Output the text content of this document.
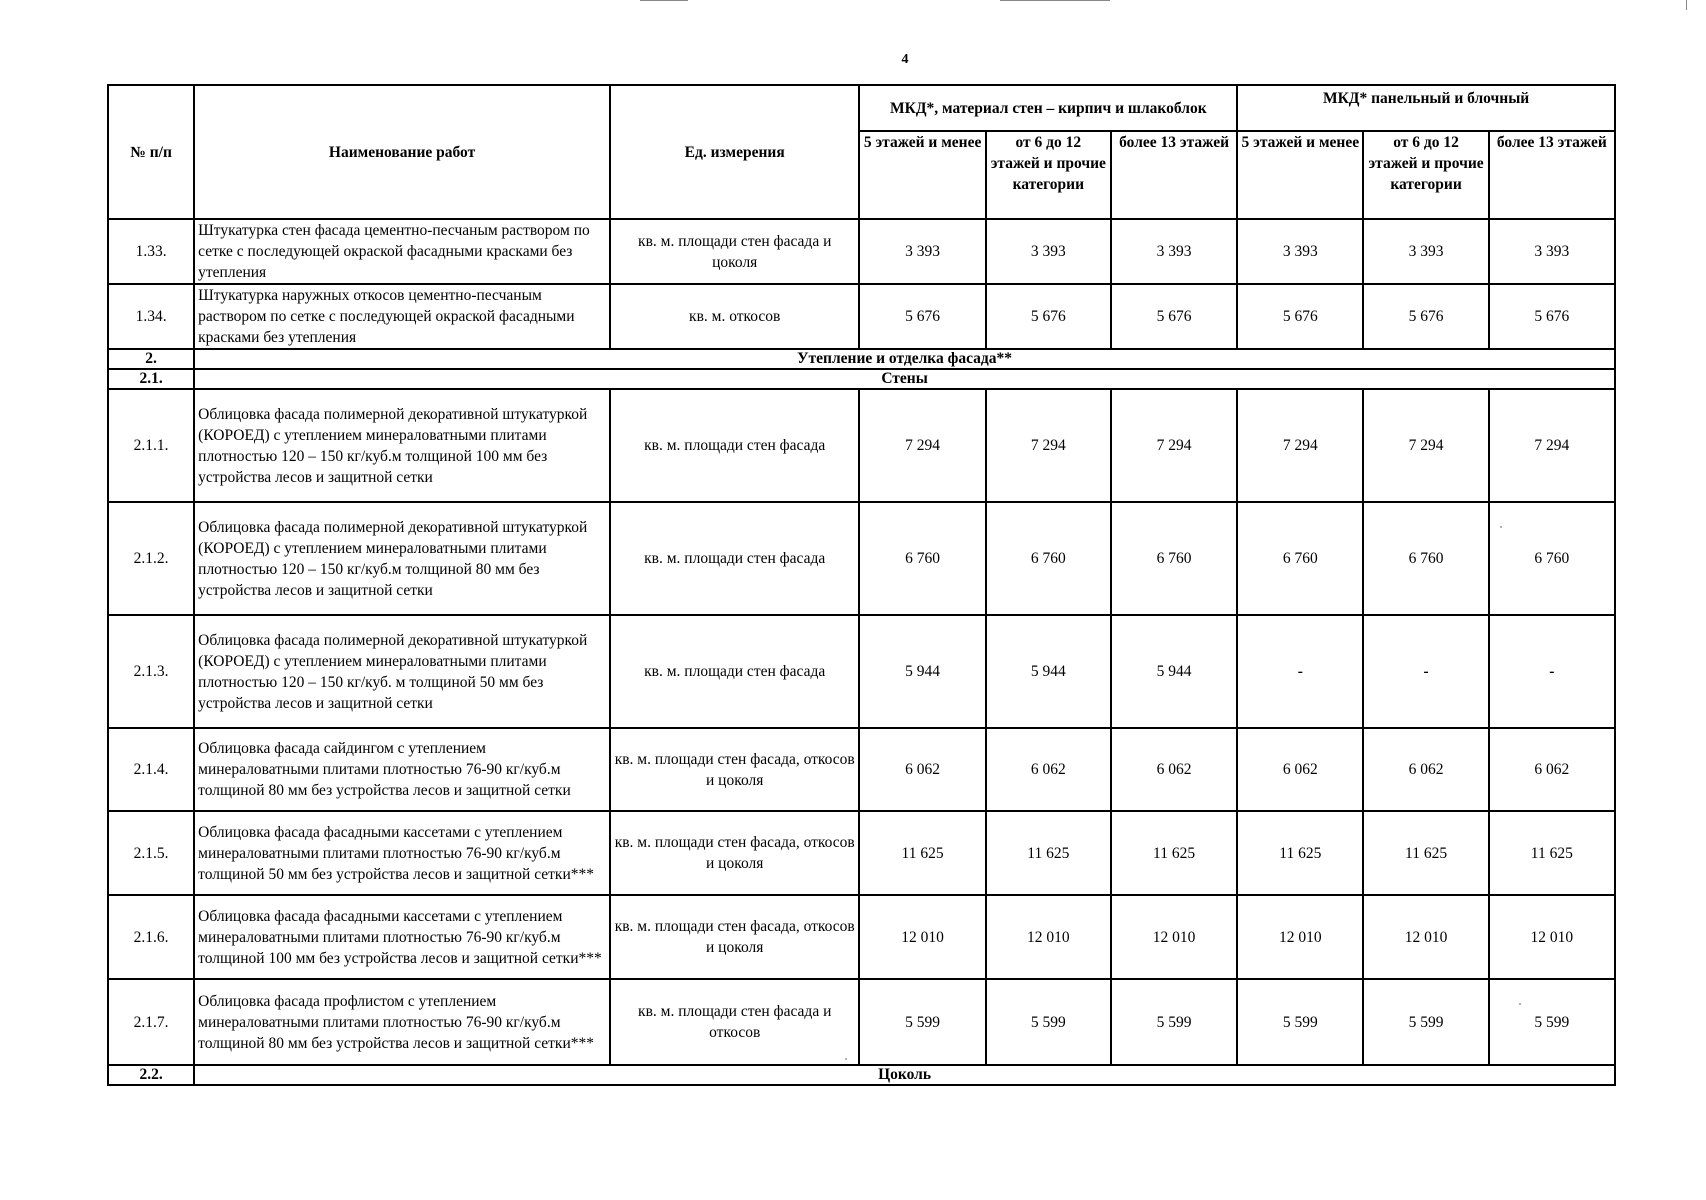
4
№ п/п	Наименование работ	Ед. измерения	МКД*, материал стен – кирпич и шлакоблок			МКД* панельный и блочный		
			5 этажей и менее	от 6 до 12 этажей и прочие категории	более 13 этажей	5 этажей и менее	от 6 до 12 этажей и прочие категории	более 13 этажей
1.33.	Штукатурка стен фасада цементно-песчаным раствором по сетке с последующей окраской фасадными красками без утепления	кв. м. площади стен фасада и цоколя	3 393	3 393	3 393	3 393	3 393	3 393
1.34.	Штукатурка наружных откосов цементно-песчаным раствором по сетке с последующей окраской фасадными красками без утепления	кв. м. откосов	5 676	5 676	5 676	5 676	5 676	5 676
2.	Утепление и отделка фасада**							
2.1.	Стены							
2.1.1.	Облицовка фасада полимерной декоративной штукатуркой (КОРОЕД) с утеплением минераловатными плитами плотностью 120 – 150 кг/куб.м толщиной 100 мм без устройства лесов и защитной сетки	кв. м. площади стен фасада	7 294	7 294	7 294	7 294	7 294	7 294
2.1.2.	Облицовка фасада полимерной декоративной штукатуркой (КОРОЕД) с утеплением минераловатными плитами плотностью 120 – 150 кг/куб.м толщиной 80 мм без устройства лесов и защитной сетки	кв. м. площади стен фасада	6 760	6 760	6 760	6 760	6 760	6 760
2.1.3.	Облицовка фасада полимерной декоративной штукатуркой (КОРОЕД) с утеплением минераловатными плитами плотностью 120 – 150 кг/куб. м толщиной 50 мм без устройства лесов и защитной сетки	кв. м. площади стен фасада	5 944	5 944	5 944	-	-	-
2.1.4.	Облицовка фасада сайдингом с утеплением минераловатными плитами плотностью 76-90 кг/куб.м толщиной 80 мм без устройства лесов и защитной сетки	кв. м. площади стен фасада, откосов и цоколя	6 062	6 062	6 062	6 062	6 062	6 062
2.1.5.	Облицовка фасада фасадными кассетами с утеплением минераловатными плитами плотностью 76-90 кг/куб.м толщиной 50 мм без устройства лесов и защитной сетки***	кв. м. площади стен фасада, откосов и цоколя	11 625	11 625	11 625	11 625	11 625	11 625
2.1.6.	Облицовка фасада фасадными кассетами с утеплением минераловатными плитами плотностью 76-90 кг/куб.м толщиной 100 мм без устройства лесов и защитной сетки***	кв. м. площади стен фасада, откосов и цоколя	12 010	12 010	12 010	12 010	12 010	12 010
2.1.7.	Облицовка фасада профлистом с утеплением минераловатными плитами плотностью 76-90 кг/куб.м толщиной 80 мм без устройства лесов и защитной сетки***	кв. м. площади стен фасада и откосов	5 599	5 599	5 599	5 599	5 599	5 599
2.2.	Цоколь							
